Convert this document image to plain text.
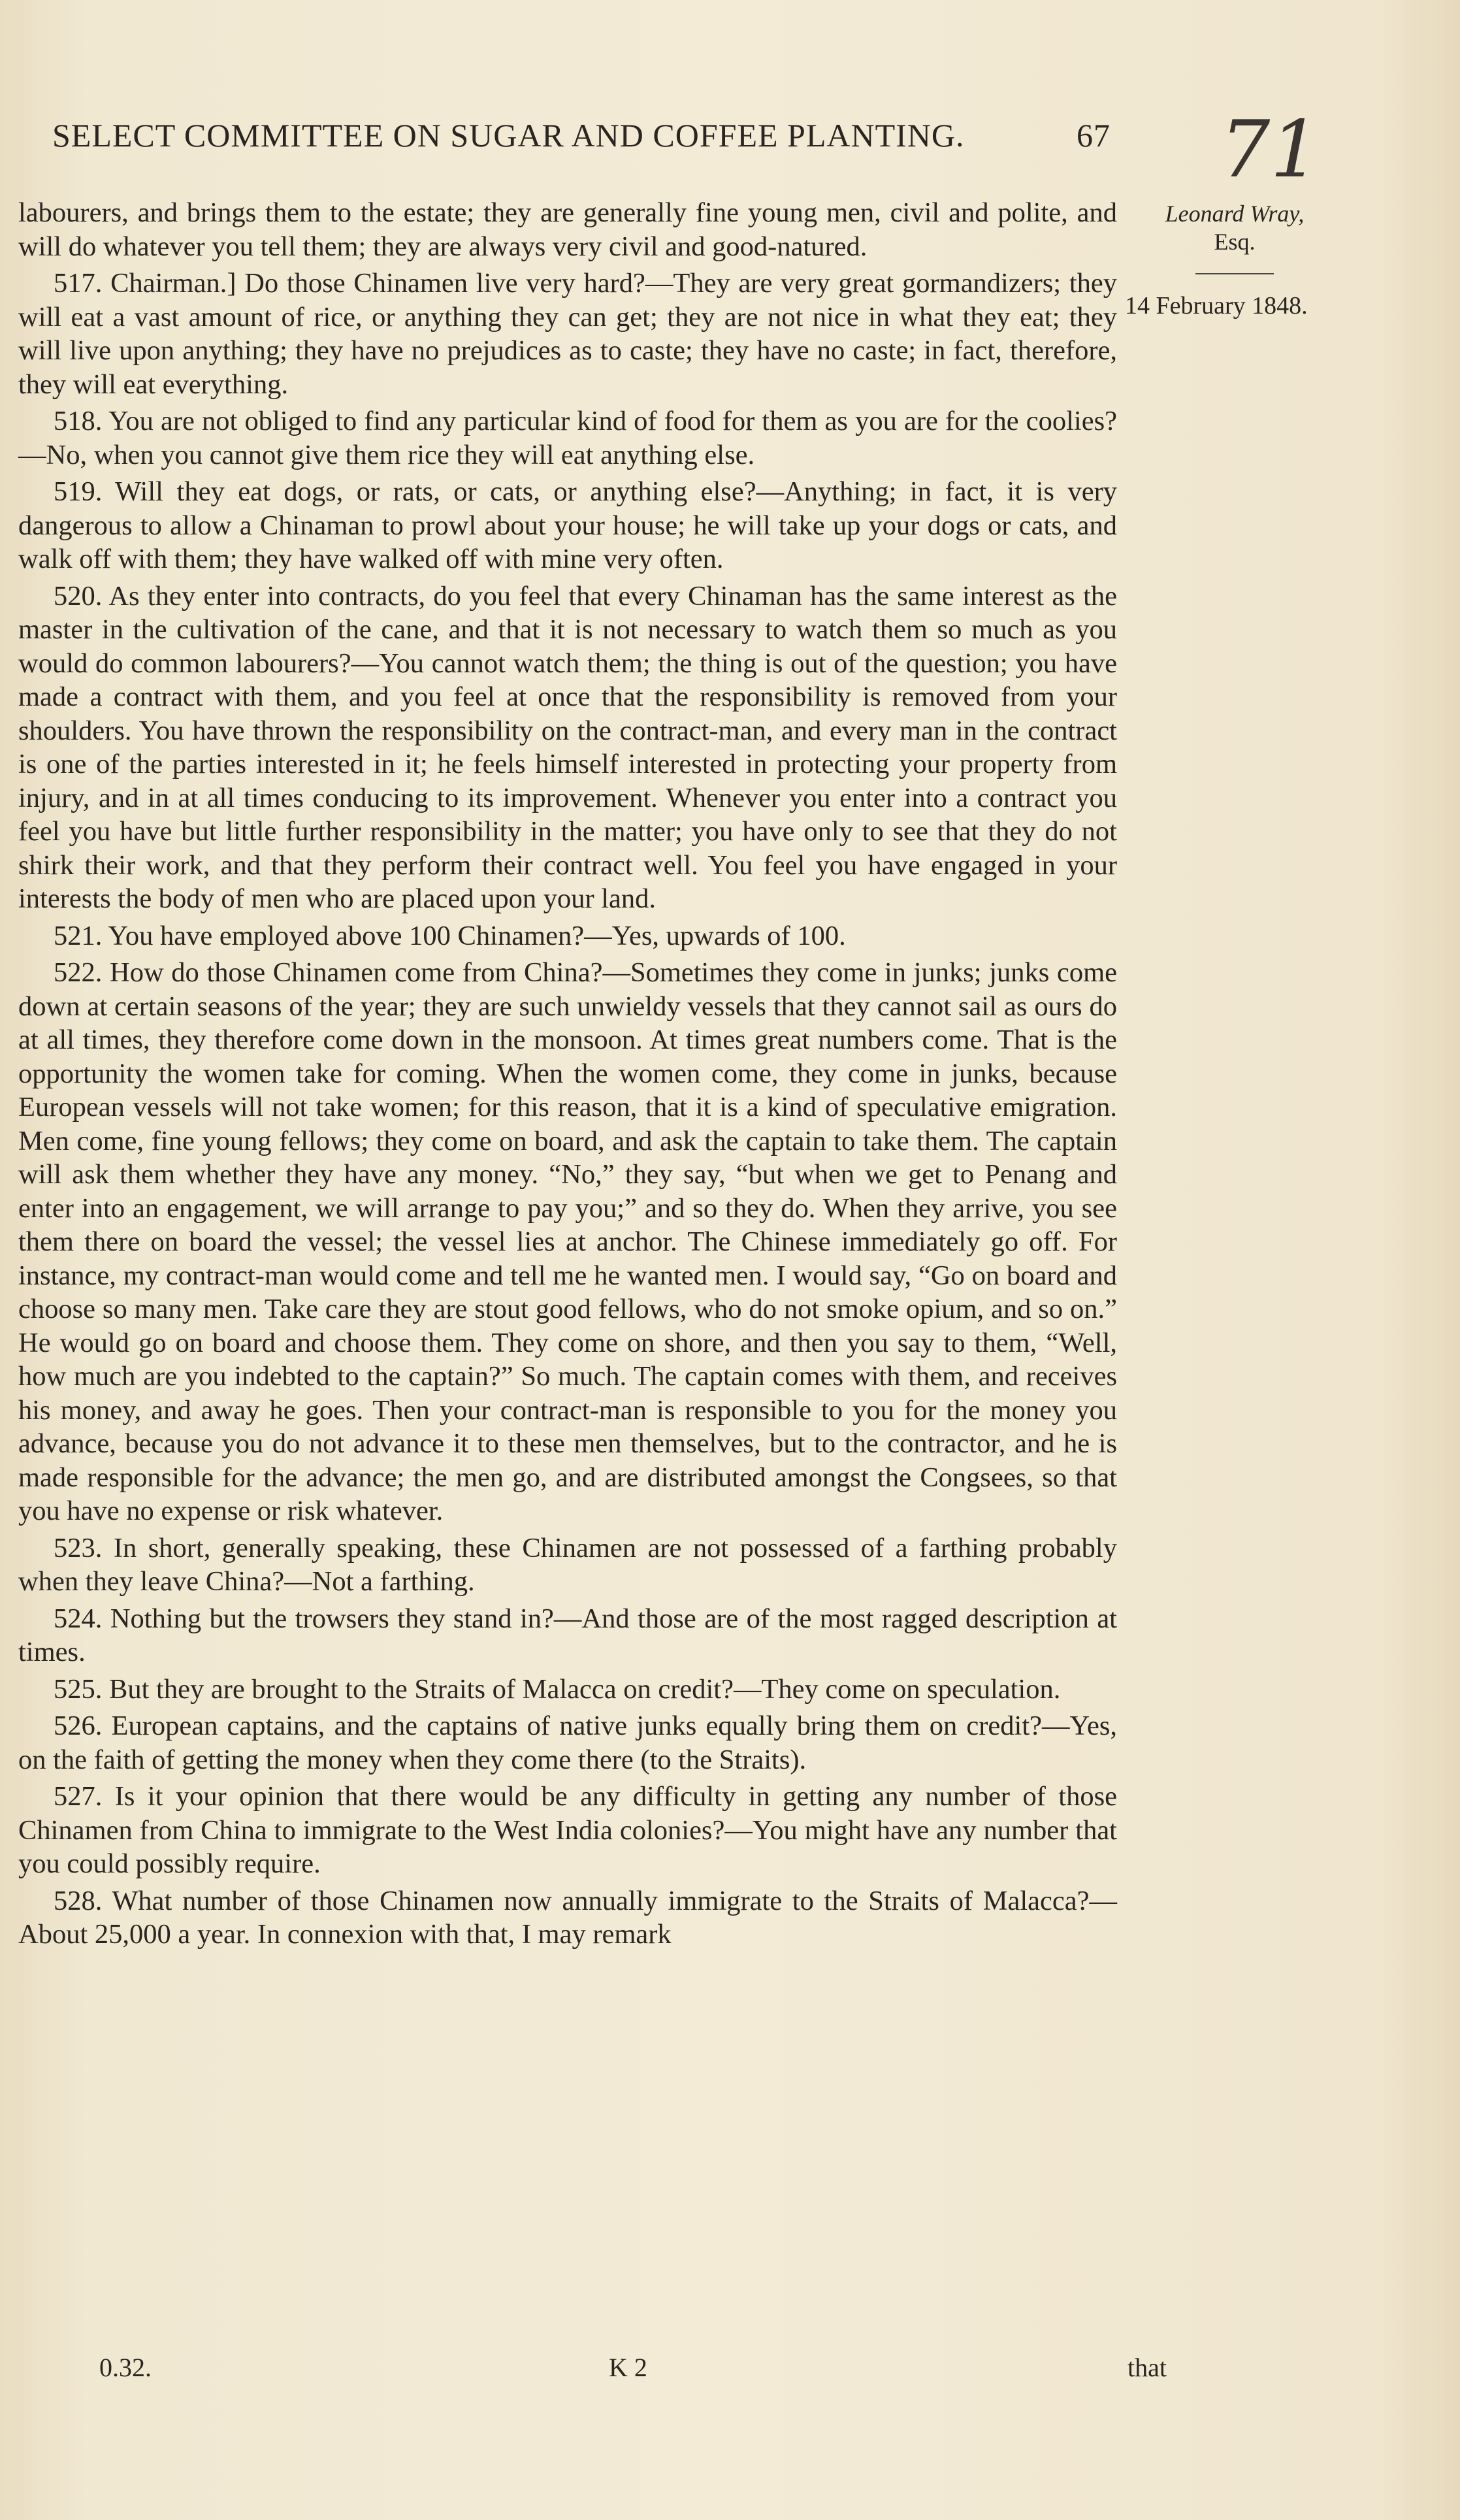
SELECT COMMITTEE ON SUGAR AND COFFEE PLANTING.	67 71
Leonard Wray,
Esq.
14 February 1848.

labourers, and brings them to the estate; they are generally fine young men, civil and polite, and will do whatever you tell them; they are always very civil and good-natured.

517. Chairman.] Do those Chinamen live very hard?—They are very great gormandizers; they will eat a vast amount of rice, or anything they can get; they are not nice in what they eat; they will live upon anything; they have no prejudices as to caste; they have no caste; in fact, therefore, they will eat everything.

518. You are not obliged to find any particular kind of food for them as you are for the coolies?—No, when you cannot give them rice they will eat anything else.

519. Will they eat dogs, or rats, or cats, or anything else?—Anything; in fact, it is very dangerous to allow a Chinaman to prowl about your house; he will take up your dogs or cats, and walk off with them; they have walked off with mine very often.

520. As they enter into contracts, do you feel that every Chinaman has the same interest as the master in the cultivation of the cane, and that it is not necessary to watch them so much as you would do common labourers?—You cannot watch them; the thing is out of the question; you have made a contract with them, and you feel at once that the responsibility is removed from your shoulders. You have thrown the responsibility on the contract-man, and every man in the contract is one of the parties interested in it; he feels himself interested in protecting your property from injury, and in at all times conducing to its improvement. Whenever you enter into a contract you feel you have but little further responsibility in the matter; you have only to see that they do not shirk their work, and that they perform their contract well. You feel you have engaged in your interests the body of men who are placed upon your land.

521. You have employed above 100 Chinamen?—Yes, upwards of 100.

522. How do those Chinamen come from China?—Sometimes they come in junks; junks come down at certain seasons of the year; they are such unwieldy vessels that they cannot sail as ours do at all times, they therefore come down in the monsoon. At times great numbers come. That is the opportunity the women take for coming. When the women come, they come in junks, because European vessels will not take women; for this reason, that it is a kind of speculative emigration. Men come, fine young fellows; they come on board, and ask the captain to take them. The captain will ask them whether they have any money. “No,” they say, “but when we get to Penang and enter into an engagement, we will arrange to pay you;” and so they do. When they arrive, you see them there on board the vessel; the vessel lies at anchor. The Chinese immediately go off. For instance, my contract-man would come and tell me he wanted men. I would say, “Go on board and choose so many men. Take care they are stout good fellows, who do not smoke opium, and so on.” He would go on board and choose them. They come on shore, and then you say to them, “Well, how much are you indebted to the captain?” So much. The captain comes with them, and receives his money, and away he goes. Then your contract-man is responsible to you for the money you advance, because you do not advance it to these men themselves, but to the contractor, and he is made responsible for the advance; the men go, and are distributed amongst the Congsees, so that you have no expense or risk whatever.

523. In short, generally speaking, these Chinamen are not possessed of a farthing probably when they leave China?—Not a farthing.

524. Nothing but the trowsers they stand in?—And those are of the most ragged description at times.

525. But they are brought to the Straits of Malacca on credit?—They come on speculation.

526. European captains, and the captains of native junks equally bring them on credit?—Yes, on the faith of getting the money when they come there (to the Straits).

527. Is it your opinion that there would be any difficulty in getting any number of those Chinamen from China to immigrate to the West India colonies?—You might have any number that you could possibly require.

528. What number of those Chinamen now annually immigrate to the Straits of Malacca?—About 25,000 a year. In connexion with that, I may remark

0.32.	K 2	that
